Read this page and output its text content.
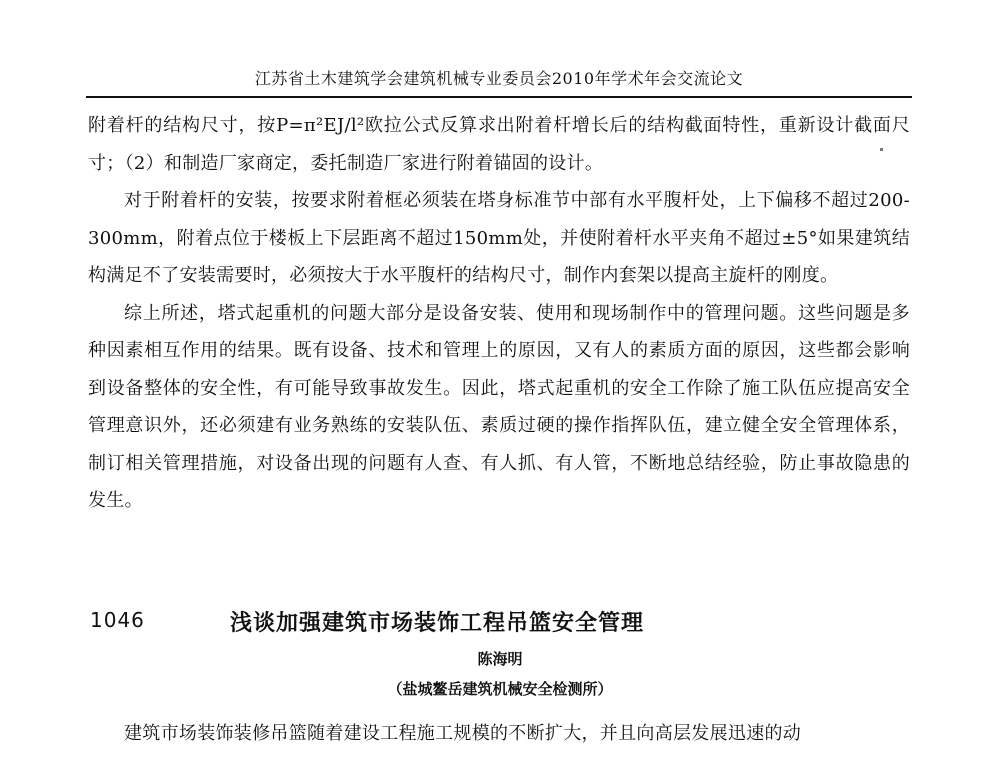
江苏省土木建筑学会建筑机械专业委员会2010年学术年会交流论文

附着杆的结构尺寸，按P=π²EJ/l²欧拉公式反算求出附着杆增长后的结构截面特性，重新设计截面尺寸；（2）和制造厂家商定，委托制造厂家进行附着锚固的设计。

对于附着杆的安装，按要求附着框必须装在塔身标准节中部有水平腹杆处，上下偏移不超过200-300mm，附着点位于楼板上下层距离不超过150mm处，并使附着杆水平夹角不超过±5°如果建筑结构满足不了安装需要时，必须按大于水平腹杆的结构尺寸，制作内套架以提高主旋杆的刚度。

综上所述，塔式起重机的问题大部分是设备安装、使用和现场制作中的管理问题。这些问题是多种因素相互作用的结果。既有设备、技术和管理上的原因，又有人的素质方面的原因，这些都会影响到设备整体的安全性，有可能导致事故发生。因此，塔式起重机的安全工作除了施工队伍应提高安全管理意识外，还必须建有业务熟练的安装队伍、素质过硬的操作指挥队伍，建立健全安全管理体系，制订相关管理措施，对设备出现的问题有人查、有人抓、有人管，不断地总结经验，防止事故隐患的发生。

1046	浅谈加强建筑市场装饰工程吊篮安全管理
陈海明
（盐城鳌岳建筑机械安全检测所）
建筑市场装饰装修吊篮随着建设工程施工规模的不断扩大，并且向高层发展迅速的动
